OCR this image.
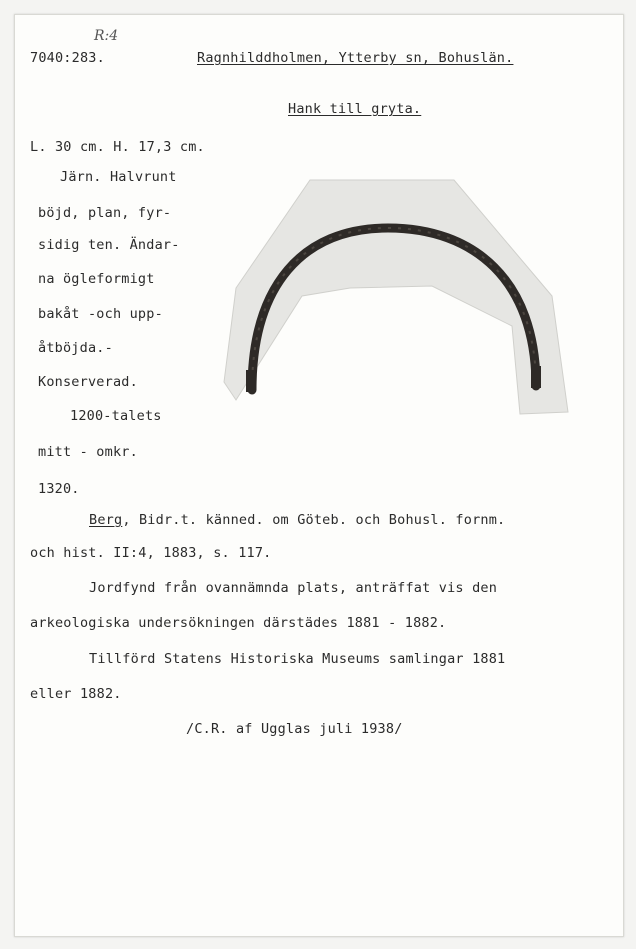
R:4
7040:283.	Ragnhilddholmen, Ytterby sn, Bohuslän.
Hank till gryta.
L. 30 cm. H. 17,3 cm.
Järn. Halvrunt
böjd, plan, fyr-
sidig ten. Ändar-
na ögleformigt
bakåt -och upp-
åtböjda.-
Konserverad.
1200-talets
mitt - omkr.
1320.
Berg, Bidr.t. känned. om Göteb. och Bohusl. fornm.
och hist. II:4, 1883, s. 117.
Jordfynd från ovannämnda plats, anträffat vis den
arkeologiska undersökningen därstädes 1881 - 1882.
Tillförd Statens Historiska Museums samlingar 1881
eller 1882.
/C.R. af Ugglas juli 1938/
